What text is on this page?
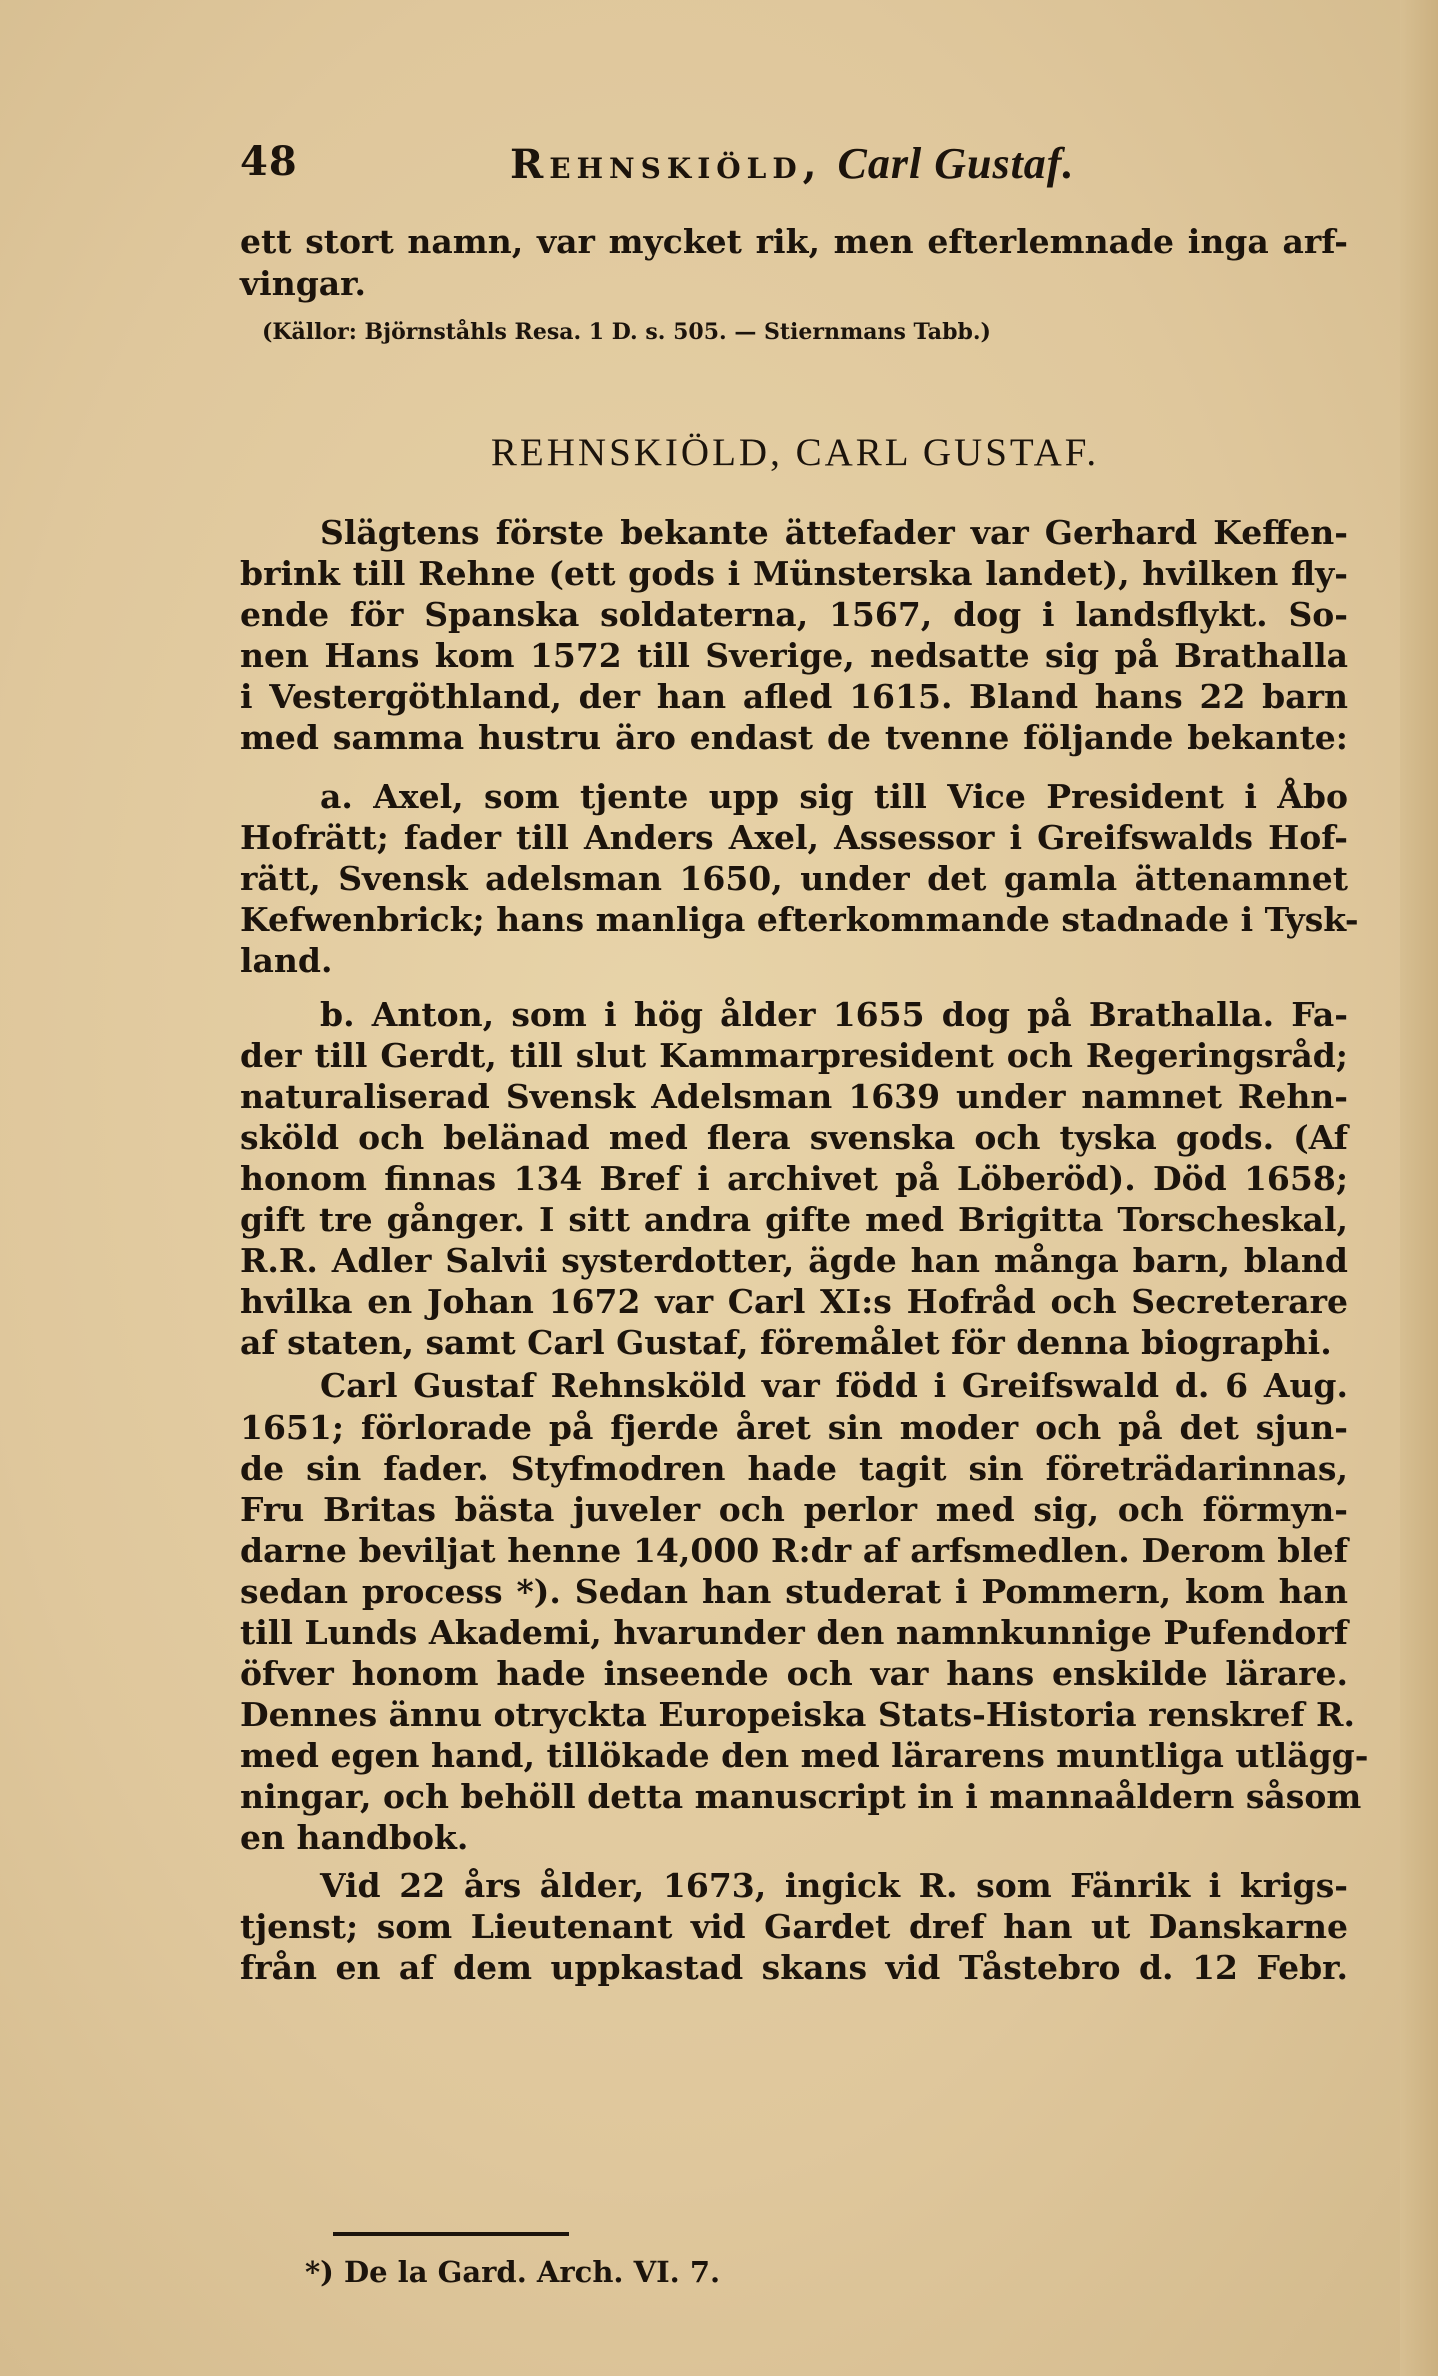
48	Rehnskiöld, Carl Gustaf.
ett stort namn, var mycket rik, men efterlemnade inga arf-
vingar.
(Källor: Björnståhls Resa. 1 D. s. 505. — Stiernmans Tabb.)
REHNSKIÖLD, CARL GUSTAF.
Slägtens förste bekante ättefader var Gerhard Keffen-
brink till Rehne (ett gods i Münsterska landet), hvilken fly-
ende för Spanska soldaterna, 1567, dog i landsflykt. So-
nen Hans kom 1572 till Sverige, nedsatte sig på Brathalla
i Vestergöthland, der han afled 1615. Bland hans 22 barn
med samma hustru äro endast de tvenne följande bekante:
a. Axel, som tjente upp sig till Vice President i Åbo
Hofrätt; fader till Anders Axel, Assessor i Greifswalds Hof-
rätt, Svensk adelsman 1650, under det gamla ättenamnet
Kefwenbrick; hans manliga efterkommande stadnade i Tysk-
land.
b. Anton, som i hög ålder 1655 dog på Brathalla. Fa-
der till Gerdt, till slut Kammarpresident och Regeringsråd;
naturaliserad Svensk Adelsman 1639 under namnet Rehn-
sköld och belänad med flera svenska och tyska gods. (Af
honom finnas 134 Bref i archivet på Löberöd). Död 1658;
gift tre gånger. I sitt andra gifte med Brigitta Torscheskal,
R.R. Adler Salvii systerdotter, ägde han många barn, bland
hvilka en Johan 1672 var Carl XI:s Hofråd och Secreterare
af staten, samt Carl Gustaf, föremålet för denna biographi.
Carl Gustaf Rehnsköld var född i Greifswald d. 6 Aug.
1651; förlorade på fjerde året sin moder och på det sjun-
de sin fader. Styfmodren hade tagit sin företrädarinnas,
Fru Britas bästa juveler och perlor med sig, och förmyn-
darne beviljat henne 14,000 R:dr af arfsmedlen. Derom blef
sedan process *). Sedan han studerat i Pommern, kom han
till Lunds Akademi, hvarunder den namnkunnige Pufendorf
öfver honom hade inseende och var hans enskilde lärare.
Dennes ännu otryckta Europeiska Stats-Historia renskref R.
med egen hand, tillökade den med lärarens muntliga utlägg-
ningar, och behöll detta manuscript in i mannaåldern såsom
en handbok.
Vid 22 års ålder, 1673, ingick R. som Fänrik i krigs-
tjenst; som Lieutenant vid Gardet dref han ut Danskarne
från en af dem uppkastad skans vid Tåstebro d. 12 Febr.
*) De la Gard. Arch. VI. 7.
